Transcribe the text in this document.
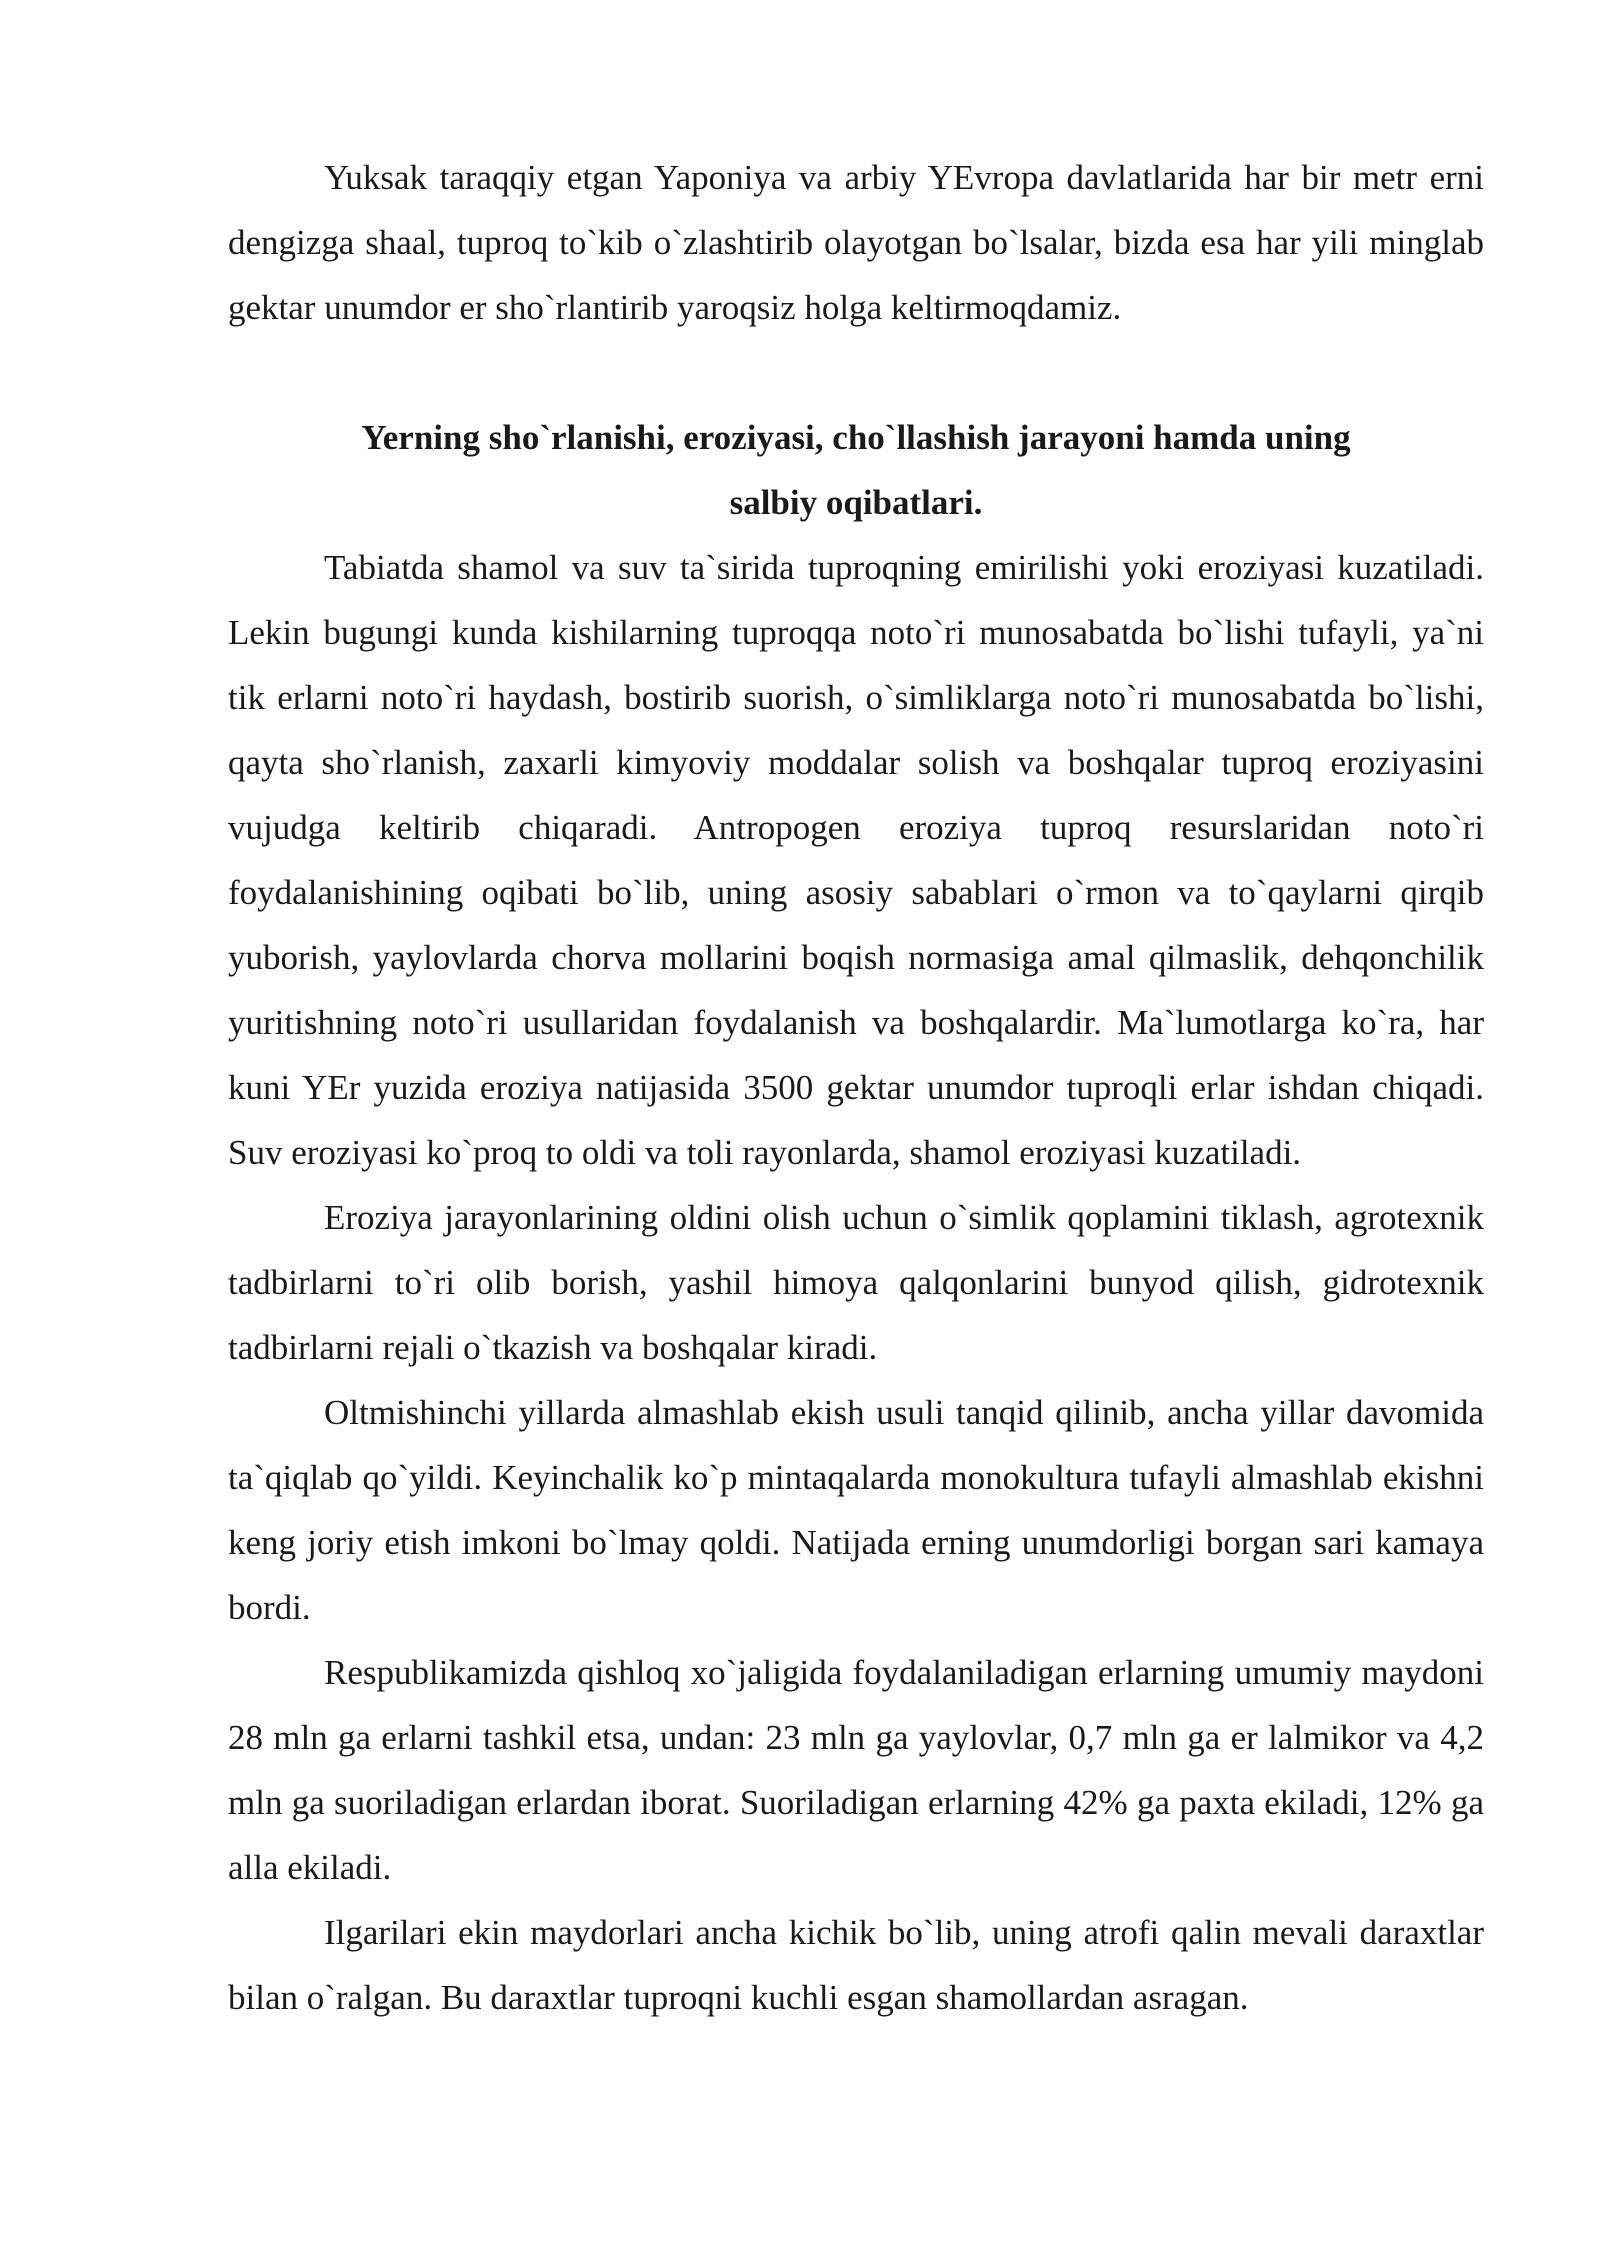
Yuksak taraqqiy etgan Yaponiya va arbiy YEvropa davlatlarida har bir metr erni dengizga shaal, tuproq to`kib o`zlashtirib olayotgan bo`lsalar, bizda esa har yili minglab gektar unumdor er sho`rlantirib yaroqsiz holga keltirmoqdamiz.

Yerning sho`rlanishi, eroziyasi, cho`llashish jarayoni hamda uning
salbiy oqibatlari.

Tabiatda shamol va suv ta`sirida tuproqning emirilishi yoki eroziyasi kuzatiladi. Lekin bugungi kunda kishilarning tuproqqa noto`ri munosabatda bo`lishi tufayli, ya`ni tik erlarni noto`ri haydash, bostirib suorish, o`simliklarga noto`ri munosabatda bo`lishi, qayta sho`rlanish, zaxarli kimyoviy moddalar solish va boshqalar tuproq eroziyasini vujudga keltirib chiqaradi. Antropogen eroziya tuproq resurslaridan noto`ri foydalanishining oqibati bo`lib, uning asosiy sabablari o`rmon va to`qaylarni qirqib yuborish, yaylovlarda chorva mollarini boqish normasiga amal qilmaslik, dehqonchilik yuritishning noto`ri usullaridan foydalanish va boshqalardir. Ma`lumotlarga ko`ra, har kuni YEr yuzida eroziya natijasida 3500 gektar unumdor tuproqli erlar ishdan chiqadi. Suv eroziyasi ko`proq to oldi va toli rayonlarda, shamol eroziyasi kuzatiladi.

Eroziya jarayonlarining oldini olish uchun o`simlik qoplamini tiklash, agrotexnik tadbirlarni to`ri olib borish, yashil himoya qalqonlarini bunyod qilish, gidrotexnik tadbirlarni rejali o`tkazish va boshqalar kiradi.

Oltmishinchi yillarda almashlab ekish usuli tanqid qilinib, ancha yillar davomida ta`qiqlab qo`yildi. Keyinchalik ko`p mintaqalarda monokultura tufayli almashlab ekishni keng joriy etish imkoni bo`lmay qoldi. Natijada erning unumdorligi borgan sari kamaya bordi.

Respublikamizda qishloq xo`jaligida foydalaniladigan erlarning umumiy maydoni 28 mln ga erlarni tashkil etsa, undan: 23 mln ga yaylovlar, 0,7 mln ga er lalmikor va 4,2 mln ga suoriladigan erlardan iborat. Suoriladigan erlarning 42% ga paxta ekiladi, 12% ga alla ekiladi.

Ilgarilari ekin maydorlari ancha kichik bo`lib, uning atrofi qalin mevali daraxtlar bilan o`ralgan. Bu daraxtlar tuproqni kuchli esgan shamollardan asragan.
